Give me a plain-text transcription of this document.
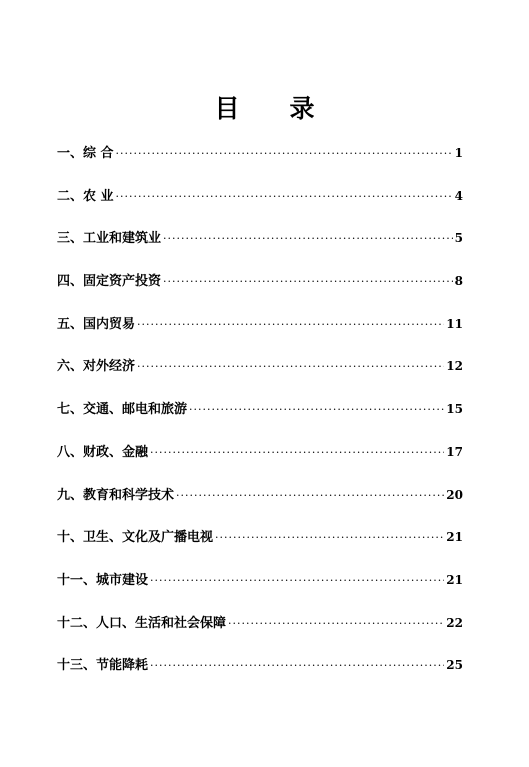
目　　录
一、综 合 ·····	1
二、农 业 ·····	4
三、工业和建筑业 ·····	5
四、固定资产投资 ·····	8
五、国内贸易 ·····	11
六、对外经济 ·····	12
七、交通、邮电和旅游 ·····	15
八、财政、金融 ·····	17
九、教育和科学技术 ·····	20
十、卫生、文化及广播电视 ·····	21
十一、城市建设 ·····	21
十二、人口、生活和社会保障 ·····	22
十三、节能降耗 ·····	25
